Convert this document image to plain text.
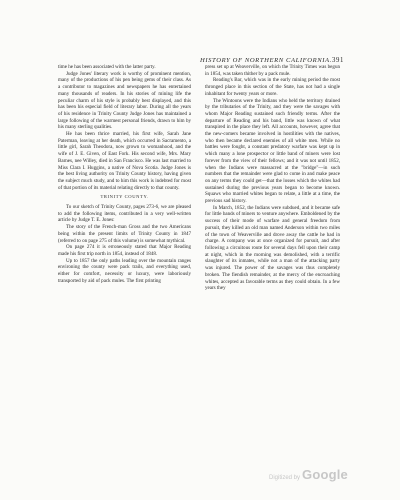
HISTORY OF NORTHERN CALIFORNIA. 391

time he has been associated with the latter party.

Judge Jones' literary work is worthy of prominent mention, many of the productions of his pen being gems of their class. As a contributor to magazines and newspapers he has entertained many thousands of readers. In his stories of mining life the peculiar charm of his style is probably best displayed, and this has been his especial field of literary labor. During all the years of his residence in Trinity County Judge Jones has maintained a large following of the warmest personal friends, drawn to him by his many sterling qualities.

He has been thrice married, his first wife, Sarah Jane Paterman, leaving at her death, which occurred in Sacramento, a little girl, Sarah Theodora, now grown to womanhood, and the wife of J. E. Given, of East Fork. His second wife, Mrs. Mary Barnes, nee Willey, died in San Francisco. He was last married to Miss Clara I. Huggins, a native of Nova Scotia. Judge Jones is the best living authority on Trinity County history, having given the subject much study, and to him this work is indebted for most of that portion of its material relating directly to that county.

TRINITY COUNTY.

To our sketch of Trinity County, pages 273-6, we are pleased to add the following items, contributed in a very well-written article by Judge T. E. Jones:

The story of the French-man Gross and the two Americans being within the present limits of Trinity County in 1847 (referred to on page 275 of this volume) is somewhat mythical.

On page 274 it is erroneously stated that Major Reading made his first trip north in 1854, instead of 1848.

Up to 1857 the only paths leading over the mountain ranges environing the county were pack trails, and everything used, either for comfort, necessity or luxury, were laboriously transported by aid of pack mules. The first printing

press set up at Weaverville, on which the Trinity Times was begun in 1854, was taken thither by a pack mule.

Reading's Bar, which was in the early mining period the most thronged place in this section of the State, has not had a single inhabitant for twenty years or more.

The Wintoons were the Indians who held the territory drained by the tributaries of the Trinity, and they were the savages with whom Major Reading sustained such friendly terms. After the departure of Reading and his band, little was known of what transpired in the place they left. All accounts, however, agree that the new-comers became involved in hostilities with the natives, who then became declared enemies of all white men. While no battles were fought, a constant predatory warfare was kept up in which many a lone prospector or little band of miners were lost forever from the view of their fellows; and it was not until 1852, when the Indians were massacred at the "bridge"—in such numbers that the remainder were glad to come in and make peace on any terms they could get—that the losses which the whites had sustained during the previous years began to become known. Squaws who married whites began to relate, a little at a time, the previous sad history.

In March, 1852, the Indians were subdued, and it became safe for little bands of miners to venture anywhere. Emboldened by the success of their mode of warfare and general freedom from pursuit, they killed an old man named Anderson within two miles of the town of Weaverville and drove away the cattle he had in charge. A company was at once organized for pursuit, and after following a circuitous route for several days fell upon their camp at night, which in the morning was demolished, with a terrific slaughter of its inmates, while not a man of the attacking party was injured. The power of the savages was thus completely broken. The fiendish remainder, at the mercy of the encroaching whites, accepted as favorable terms as they could obtain. In a few years they

Digitized by Google
